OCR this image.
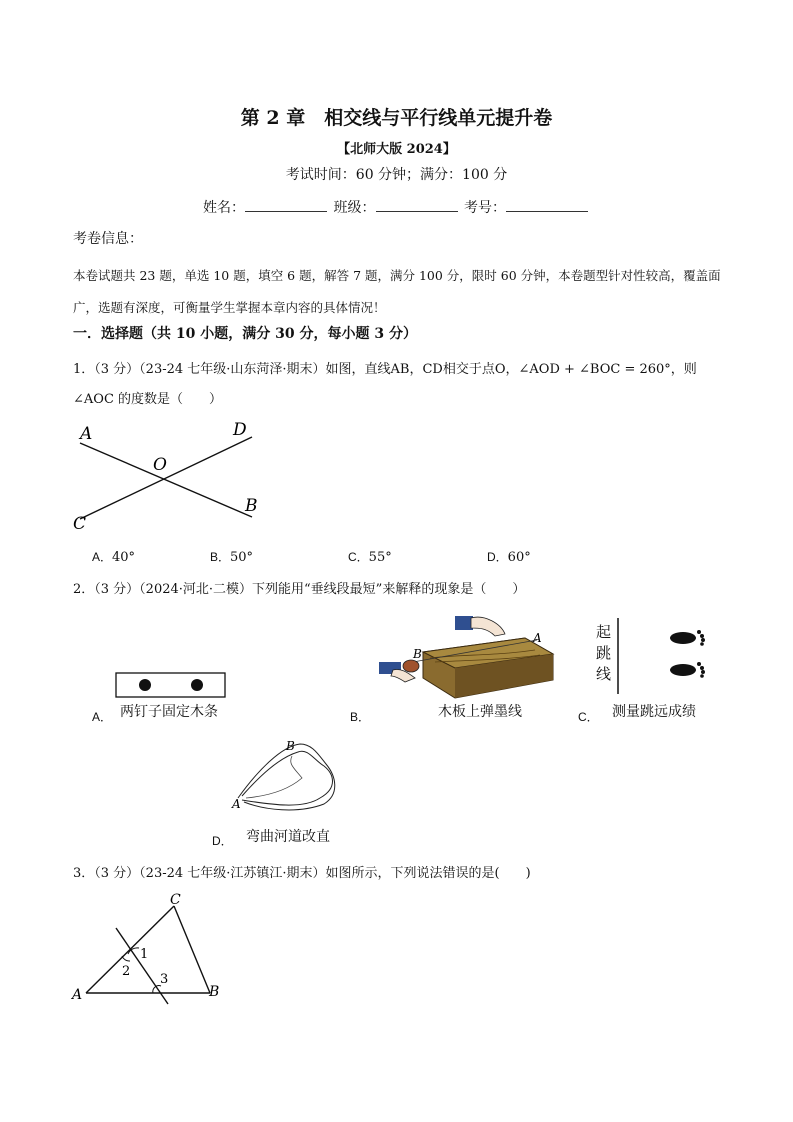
第 2 章　相交线与平行线单元提升卷
【北师大版 2024】
考试时间：60 分钟；满分：100 分
姓名：	班级：	考号：
考卷信息：
本卷试题共 23 题，单选 10 题，填空 6 题，解答 7 题，满分 100 分，限时 60 分钟，本卷题型针对性较高，覆盖面广，选题有深度，可衡量学生掌握本章内容的具体情况！
一．选择题（共 10 小题，满分 30 分，每小题 3 分）
1．（3 分）（23-24 七年级·山东菏泽·期末）如图，直线AB，CD相交于点O，∠AOD + ∠BOC = 260°，则∠AOC 的度数是（　　）
A	D
O
B
C
A．40°	B．50°	C．55°	D．60°
2．（3 分）（2024·河北·二模）下列能用“垂线段最短”来解释的现象是（　　）
A． 两钉子固定木条	B．
B
A
木板上弹墨线	C．
起
跳
线
测量跳远成绩
D．
B
A
弯曲河道改直
3．（3 分）（23-24 七年级·江苏镇江·期末）如图所示，下列说法错误的是(　　)
1
2
3
C
A	B
